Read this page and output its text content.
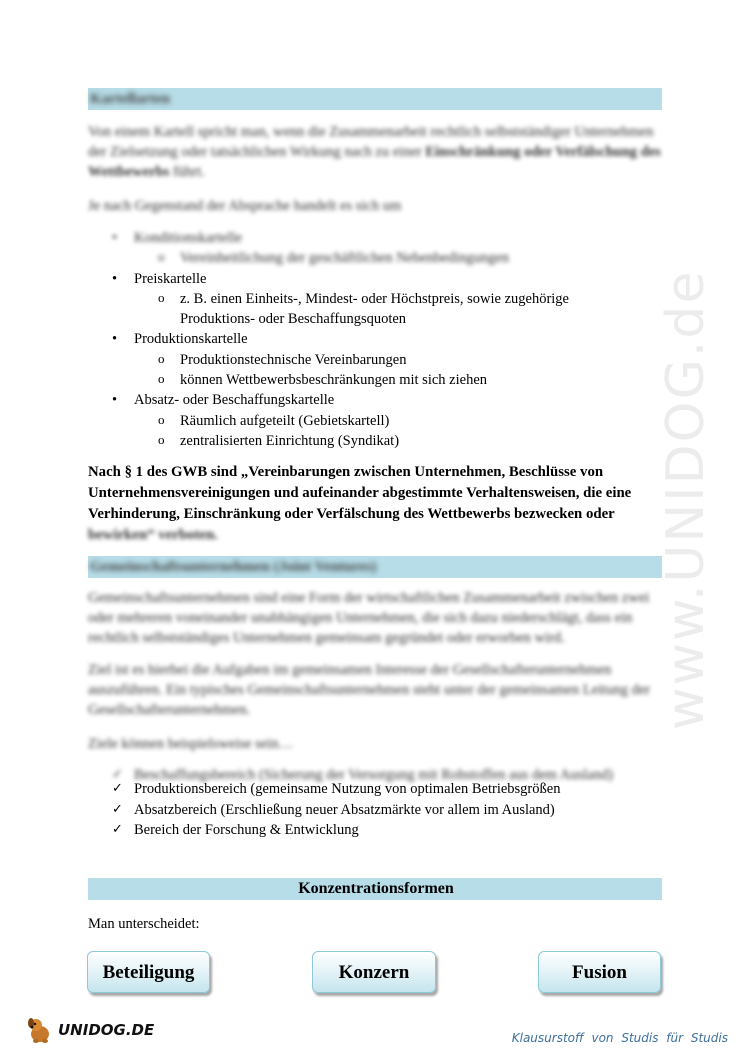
Kartellarten
Von einem Kartell spricht man, wenn die Zusammenarbeit rechtlich selbstständiger Unternehmen der Zielsetzung oder tatsächlichen Wirkung nach zu einer Einschränkung oder Verfälschung des Wettbewerbs führt.
Je nach Gegenstand der Absprache handelt es sich um
• Konditionskartelle
o Vereinheitlichung der geschäftlichen Nebenbedingungen
• Preiskartelle
o z. B. einen Einheits-, Mindest- oder Höchstpreis, sowie zugehörige
Produktions- oder Beschaffungsquoten
• Produktionskartelle
o Produktionstechnische Vereinbarungen
o können Wettbewerbsbeschränkungen mit sich ziehen
• Absatz- oder Beschaffungskartelle
o Räumlich aufgeteilt (Gebietskartell)
o zentralisierten Einrichtung (Syndikat)
Nach § 1 des GWB sind „Vereinbarungen zwischen Unternehmen, Beschlüsse von
Unternehmensvereinigungen und aufeinander abgestimmte Verhaltensweisen, die eine
Verhinderung, Einschränkung oder Verfälschung des Wettbewerbs bezwecken oder
bewirken“ verboten.
Gemeinschaftsunternehmen (Joint Ventures)
Gemeinschaftsunternehmen sind eine Form der wirtschaftlichen Zusammenarbeit zwischen zwei oder mehreren voneinander unabhängigen Unternehmen, die sich dazu niederschlägt, dass ein rechtlich selbstständiges Unternehmen gemeinsam gegründet oder erworben wird.
Ziel ist es hierbei die Aufgaben im gemeinsamen Interesse der Gesellschafterunternehmen auszuführen. Ein typisches Gemeinschaftsunternehmen steht unter der gemeinsamen Leitung der Gesellschafterunternehmen.
Ziele können beispielsweise sein…
✓ Beschaffungsbereich (Sicherung der Versorgung mit Rohstoffen aus dem Ausland)
✓ Produktionsbereich (gemeinsame Nutzung von optimalen Betriebsgrößen
✓ Absatzbereich (Erschließung neuer Absatzmärkte vor allem im Ausland)
✓ Bereich der Forschung & Entwicklung
Konzentrationsformen
Man unterscheidet:
Beteiligung	Konzern	Fusion
www.UNIDOG.de
UNIDOG.DE	Klausurstoff von Studis für Studis
